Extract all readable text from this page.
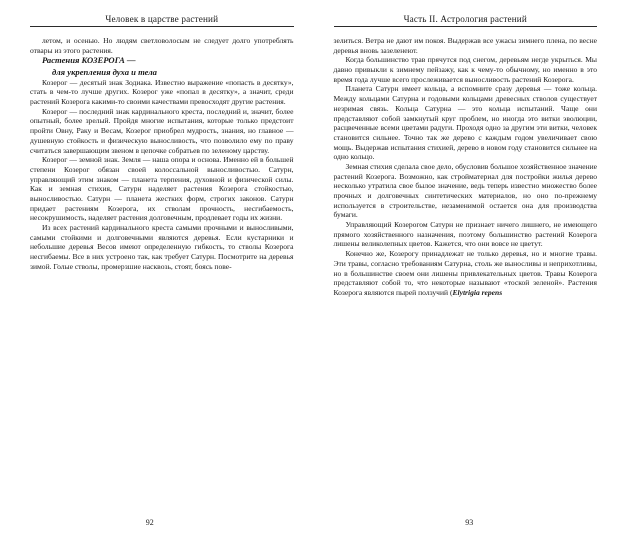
Человек в царстве растений

летом, и осенью. Но людям светловолосым не следует долго употреблять отвары из этого растения.

Растения КОЗЕРОГА —
для укрепления духа и тела

Козерог — десятый знак Зодиака. Известно выражение «попасть в десятку», стать в чем-то лучше других. Козерог уже «попал в десятку», а значит, среди растений Козерога какими-то своими качествами превосходят другие растения.

Козерог — последний знак кардинального креста, последний и, значит, более опытный, более зрелый. Пройдя многие испытания, которые только предстоит пройти Овну, Раку и Весам, Козерог приобрел мудрость, знания, но главное — душевную стойкость и физическую выносливость, что позволило ему по праву считаться завершающим звеном в цепочке собратьев по зеленому царству.

Козерог — земной знак. Земля — наша опора и основа. Именно ей в большей степени Козерог обязан своей колоссальной выносливостью. Сатурн, управляющий этим знаком — планета терпения, духовной и физической силы. Как и земная стихия, Сатурн наделяет растения Козерога стойкостью, выносливостью. Сатурн — планета жестких форм, строгих законов. Сатурн придает растениям Козерога, их стволам прочность, несгибаемость, несокрушимость, наделяет растения долговечным, продлевает годы их жизни.

Из всех растений кардинального креста самыми прочными и выносливыми, самыми стойкими и долговечными являются деревья. Если кустарники и небольшие деревья Весов имеют определенную гибкость, то стволы Козерога несгибаемы. Все в них устроено так, как требует Сатурн. Посмотрите на деревья зимой. Голые стволы, промерзшие насквозь, стоят, боясь пове-

92
Часть II. Астрология растений

зелиться. Ветра не дают им покоя. Выдержав все ужасы зимнего плена, по весне деревья вновь зазеленеют.

Когда большинство трав прячутся под снегом, деревьям негде укрыться. Мы давно привыкли к зимнему пейзажу, как к чему-то обычному, но именно в это время года лучше всего прослеживается выносливость растений Козерога.

Планета Сатурн имеет кольца, а вспомните сразу деревья — тоже кольца. Между кольцами Сатурна и годовыми кольцами древесных стволов существует незримая связь. Кольца Сатурна — это кольца испытаний. Чаще они представляют собой замкнутый круг проблем, но иногда это витки эволюции, расцвеченные всеми цветами радуги. Проходя одно за другим эти витки, человек становится сильнее. Точно так же дерево с каждым годом увеличивает свою мощь. Выдержав испытания стихией, дерево в новом году становится сильнее на одно кольцо.

Земная стихия сделала свое дело, обусловив большое хозяйственное значение растений Козерога. Возможно, как стройматериал для постройки жилья дерево несколько утратила свое былое значение, ведь теперь известно множество более прочных и долговечных синтетических материалов, но оно по-прежнему используется в строительстве, незаменимой остается она для производства бумаги.

Управляющий Козерогом Сатурн не признает ничего лишнего, не имеющего прямого хозяйственного назначения, поэтому большинство растений Козерога лишены великолепных цветов. Кажется, что они вовсе не цветут.

Конечно же, Козерогу принадлежат не только деревья, но и многие травы. Эти травы, согласно требованиям Сатурна, столь же выносливы и неприхотливы, но в большинстве своем они лишены привлекательных цветов. Травы Козерога представляют собой то, что некоторые называют «тоской зеленой». Растения Козерога являются пырей ползучий (Elytrigia repens

93
